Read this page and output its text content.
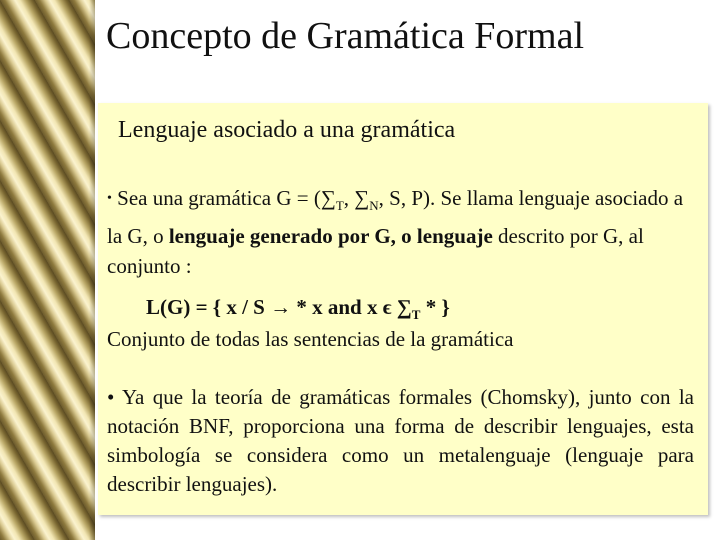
Concepto de Gramática Formal
Lenguaje asociado a una gramática
• Sea una gramática $G = (\sum_T$, $\sum_N$, S, P). Se llama lenguaje asociado a la G, o lenguaje generado por G, o lenguaje descrito por G, al conjunto :
L(G) = { x / S → * x and x ϵ $\sum_T$ * }
Conjunto de todas las sentencias de la gramática
• Ya que la teoría de gramáticas formales (Chomsky), junto con la notación BNF, proporciona una forma de describir lenguajes, esta simbología se considera como un metalenguaje (lenguaje para describir lenguajes).
